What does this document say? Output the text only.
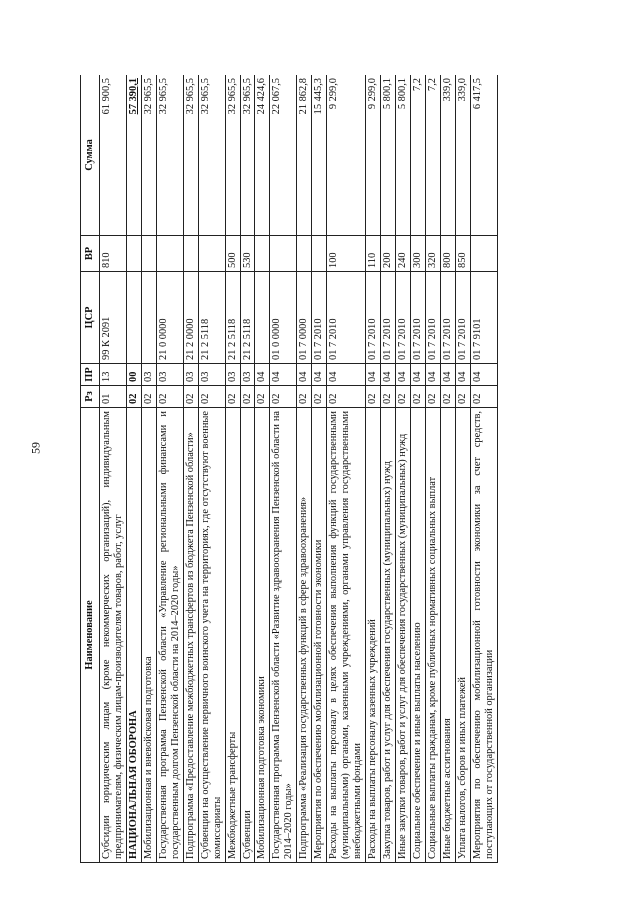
59
Наименование	Рз	ПР	ЦСР	ВР	Сумма
Субсидии юридическим лицам (кроме некоммерческих организаций), индивидуальным предпринимателям, физическим лицам-производителям товаров, работ, услуг	01	13	99 К 2091	810	61 900,5
НАЦИОНАЛЬНАЯ ОБОРОНА	02	00			57 390,1
Мобилизационная и вневойсковая подготовка	02	03			32 965,5
Государственная программа Пензенской области «Управление региональными финансами и государственным долгом Пензенской области на 2014–2020 годы»	02	03	21 0 0000		32 965,5
Подпрограмма «Предоставление межбюджетных трансфертов из бюджета Пензенской области»	02	03	21 2 0000		32 965,5
Субвенции на осуществление первичного воинского учета на территориях, где отсутствуют военные комиссариаты	02	03	21 2 5118		32 965,5
Межбюджетные трансферты	02	03	21 2 5118	500	32 965,5
Субвенции	02	03	21 2 5118	530	32 965,5
Мобилизационная подготовка экономики	02	04			24 424,6
Государственная программа Пензенской области «Развитие здравоохранения Пензенской области на 2014–2020 годы»	02	04	01 0 0000		22 067,5
Подпрограмма «Реализация государственных функций в сфере здравоохранения»	02	04	01 7 0000		21 862,8
Мероприятия по обеспечению мобилизационной готовности экономики	02	04	01 7 2010		15 445,3
Расходы на выплаты персоналу в целях обеспечения выполнения функций государственными (муниципальными) органами, казенными учреждениями, органами управления государственными внебюджетными фондами	02	04	01 7 2010	100	9 299,0
Расходы на выплаты персоналу казенных учреждений	02	04	01 7 2010	110	9 299,0
Закупка товаров, работ и услуг для обеспечения государственных (муниципальных) нужд	02	04	01 7 2010	200	5 800,1
Иные закупки товаров, работ и услуг для обеспечения государственных (муниципальных) нужд	02	04	01 7 2010	240	5 800,1
Социальное обеспечение и иные выплаты населению	02	04	01 7 2010	300	7,2
Социальные выплаты гражданам, кроме публичных нормативных социальных выплат	02	04	01 7 2010	320	7,2
Иные бюджетные ассигнования	02	04	01 7 2010	800	339,0
Уплата налогов, сборов и иных платежей	02	04	01 7 2010	850	339,0
Мероприятия по обеспечению мобилизационной готовности экономики за счет средств, поступающих от государственной организации	02	04	01 7 9101		6 417,5
